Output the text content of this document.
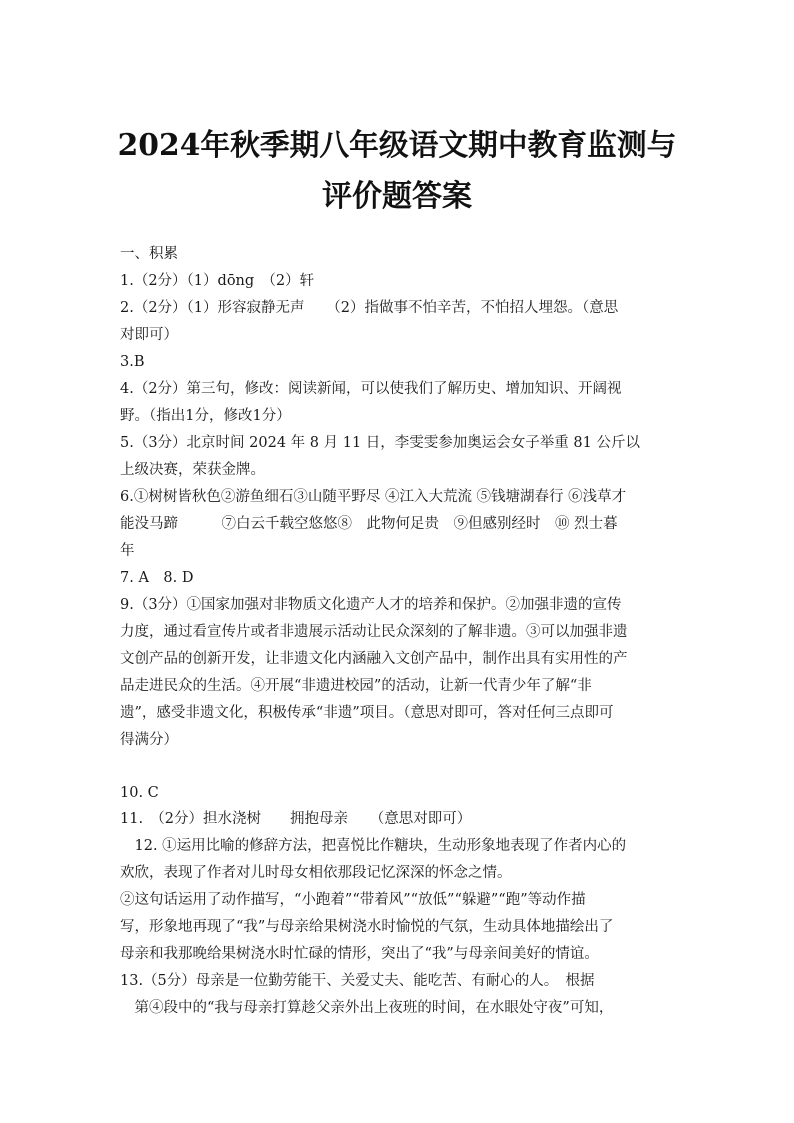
2024年秋季期八年级语文期中教育监测与
评价题答案
一、积累
1.（2分）（1）dōng　（2）轩
2.（2分）（1）形容寂静无声　　（2）指做事不怕辛苦，不怕招人埋怨。（意思
对即可）
3.B
4.（2分）第三句，修改：阅读新闻，可以使我们了解历史、增加知识、开阔视
野。（指出1分，修改1分）
5.（3分）北京时间 2024 年 8 月 11 日，李雯雯参加奥运会女子举重 81 公斤以
上级决赛，荣获金牌。
6.①树树皆秋色②游鱼细石③山随平野尽 ④江入大荒流 ⑤钱塘湖春行 ⑥浅草才
能没马蹄　　　⑦白云千载空悠悠⑧　此物何足贵　⑨但感别经时　⑩ 烈士暮
年
7. A　8. D
9.（3分）①国家加强对非物质文化遗产人才的培养和保护。②加强非遗的宣传
力度，通过看宣传片或者非遗展示活动让民众深刻的了解非遗。③可以加强非遗
文创产品的创新开发，让非遗文化内涵融入文创产品中，制作出具有实用性的产
品走进民众的生活。④开展“非遗进校园”的活动，让新一代青少年了解“非
遗”，感受非遗文化，积极传承“非遗”项目。（意思对即可，答对任何三点即可
得满分）
10. C
11.　（2分）担水浇树　　拥抱母亲　　（意思对即可）
　12. ①运用比喻的修辞方法，把喜悦比作糖块，生动形象地表现了作者内心的
欢欣，表现了作者对儿时母女相依那段记忆深深的怀念之情。
②这句话运用了动作描写，“小跑着”“带着风”“放低”“躲避”“跑”等动作描
写，形象地再现了“我”与母亲给果树浇水时愉悦的气氛，生动具体地描绘出了
母亲和我那晚给果树浇水时忙碌的情形，突出了“我”与母亲间美好的情谊。
13.（5分）母亲是一位勤劳能干、关爱丈夫、能吃苦、有耐心的人。　根据
　第④段中的“我与母亲打算趁父亲外出上夜班的时间，在水眼处守夜”可知，
